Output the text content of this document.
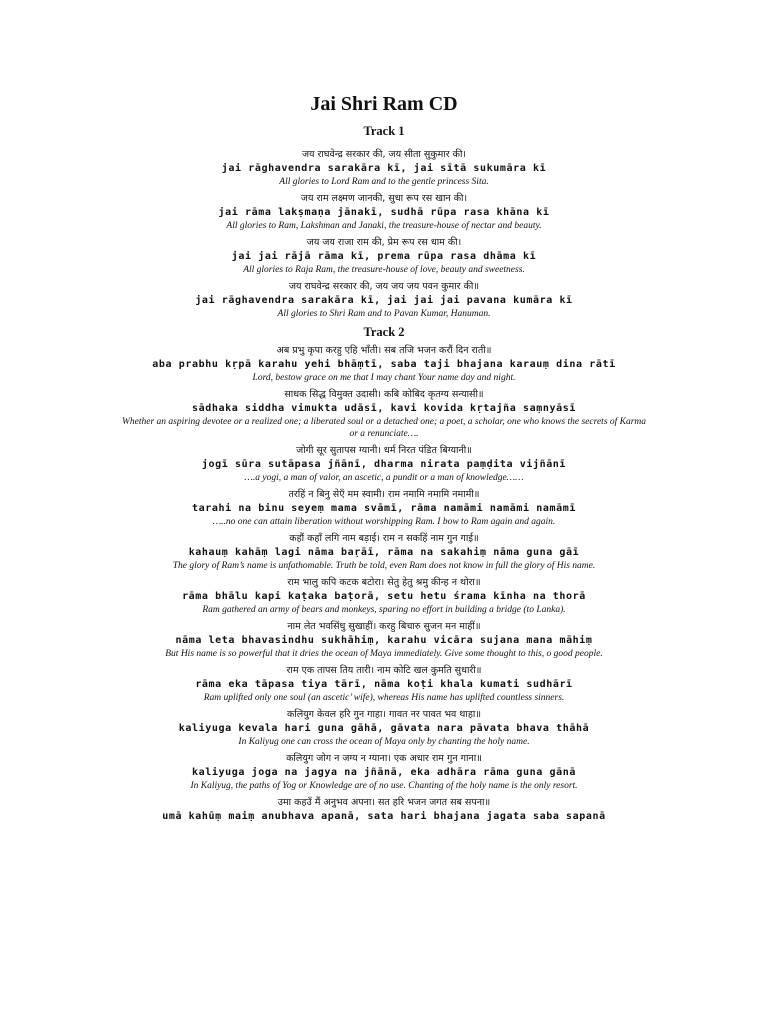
Jai Shri Ram CD
Track 1
जय राघवेन्द्र सरकार की, जय सीता सुकुमार की।
jai rāghavendra sarakāra kī, jai sītā sukumāra kī
All glories to Lord Ram and to the gentle princess Sita.
जय राम लक्ष्मण जानकी, सुधा रूप रस खान की।
jai rāma lakṣmaṇa jānakī, sudhā rūpa rasa khāna kī
All glories to Ram, Lakshman and Janaki, the treasure-house of nectar and beauty.
जय जय राजा राम की, प्रेम रूप रस धाम की।
jai jai rājā rāma kī, prema rūpa rasa dhāma kī
All glories to Raja Ram, the treasure-house of love, beauty and sweetness.
जय राघवेन्द्र सरकार की, जय जय जय पवन कुमार की॥
jai rāghavendra sarakāra kī, jai jai jai pavana kumāra kī
All glories to Shri Ram and to Pavan Kumar, Hanuman.
Track 2
अब प्रभु कृपा करहु एहि भाँती। सब तजि भजन करौं दिन राती॥
aba prabhu kṛpā karahu yehi bhāṃtī, saba taji bhajana karauṃ dina rātī
Lord, bestow grace on me that I may chant Your name day and night.
साधक सिद्ध विमुक्त उदासी। कबि कोबिद कृतग्य सन्यासी॥
sādhaka siddha vimukta udāsī, kavi kovida kṛtajña saṃnyāsī
Whether an aspiring devotee or a realized one; a liberated soul or a detached one; a poet, a scholar, one who knows the secrets of Karma or a renunciate….
जोगी सूर सुतापस ग्यानी। धर्म निरत पंडित बिग्यानी॥
jogī sūra sutāpasa jñānī, dharma nirata paṃḍita vijñānī
….a yogi, a man of valor, an ascetic, a pundit or a man of knowledge……
तरहिं न बिनु सेएँ मम स्वामी। राम नमामि नमामि नमामी॥
tarahi na binu seyeṃ mama svāmī, rāma namāmi namāmi namāmī
…..no one can attain liberation without worshipping Ram. I bow to Ram again and again.
कहौं कहाँ लगि नाम बड़ाई। राम न सकहिं नाम गुन गाई॥
kahauṃ kahāṃ lagi nāma baṛāī, rāma na sakahiṃ nāma guna gāī
The glory of Ram’s name is unfathomable. Truth be told, even Ram does not know in full the glory of His name.
राम भालु कपि कटक बटोरा। सेतु हेतु श्रमु कीन्ह न थोरा॥
rāma bhālu kapi kaṭaka baṭorā, setu hetu śrama kīnha na thorā
Ram gathered an army of bears and monkeys, sparing no effort in building a bridge (to Lanka).
नाम लेत भवसिंधु सुखाहीं। करहु बिचारु सुजन मन माहीं॥
nāma leta bhavasindhu sukhāhiṃ, karahu vicāra sujana mana māhiṃ
But His name is so powerful that it dries the ocean of Maya immediately. Give some thought to this, o good people.
राम एक तापस तिय तारी। नाम कोटि खल कुमति सुधारी॥
rāma eka tāpasa tiya tārī, nāma koṭi khala kumati sudhārī
Ram uplifted only one soul (an ascetic’ wife), whereas His name has uplifted countless sinners.
कलियुग केवल हरि गुन गाहा। गावत नर पावत भव थाहा॥
kaliyuga kevala hari guna gāhā, gāvata nara pāvata bhava thāhā
In Kaliyug one can cross the ocean of Maya only by chanting the holy name.
कलियुग जोग न जग्य न ग्याना। एक अधार राम गुन गाना॥
kaliyuga joga na jagya na jñānā, eka adhāra rāma guna gānā
In Kaliyug, the paths of Yog or Knowledge are of no use. Chanting of the holy name is the only resort.
उमा कहउँ मैं अनुभव अपना। सत हरि भजन जगत सब सपना॥
umā kahūṃ maiṃ anubhava apanā, sata hari bhajana jagata saba sapanā
